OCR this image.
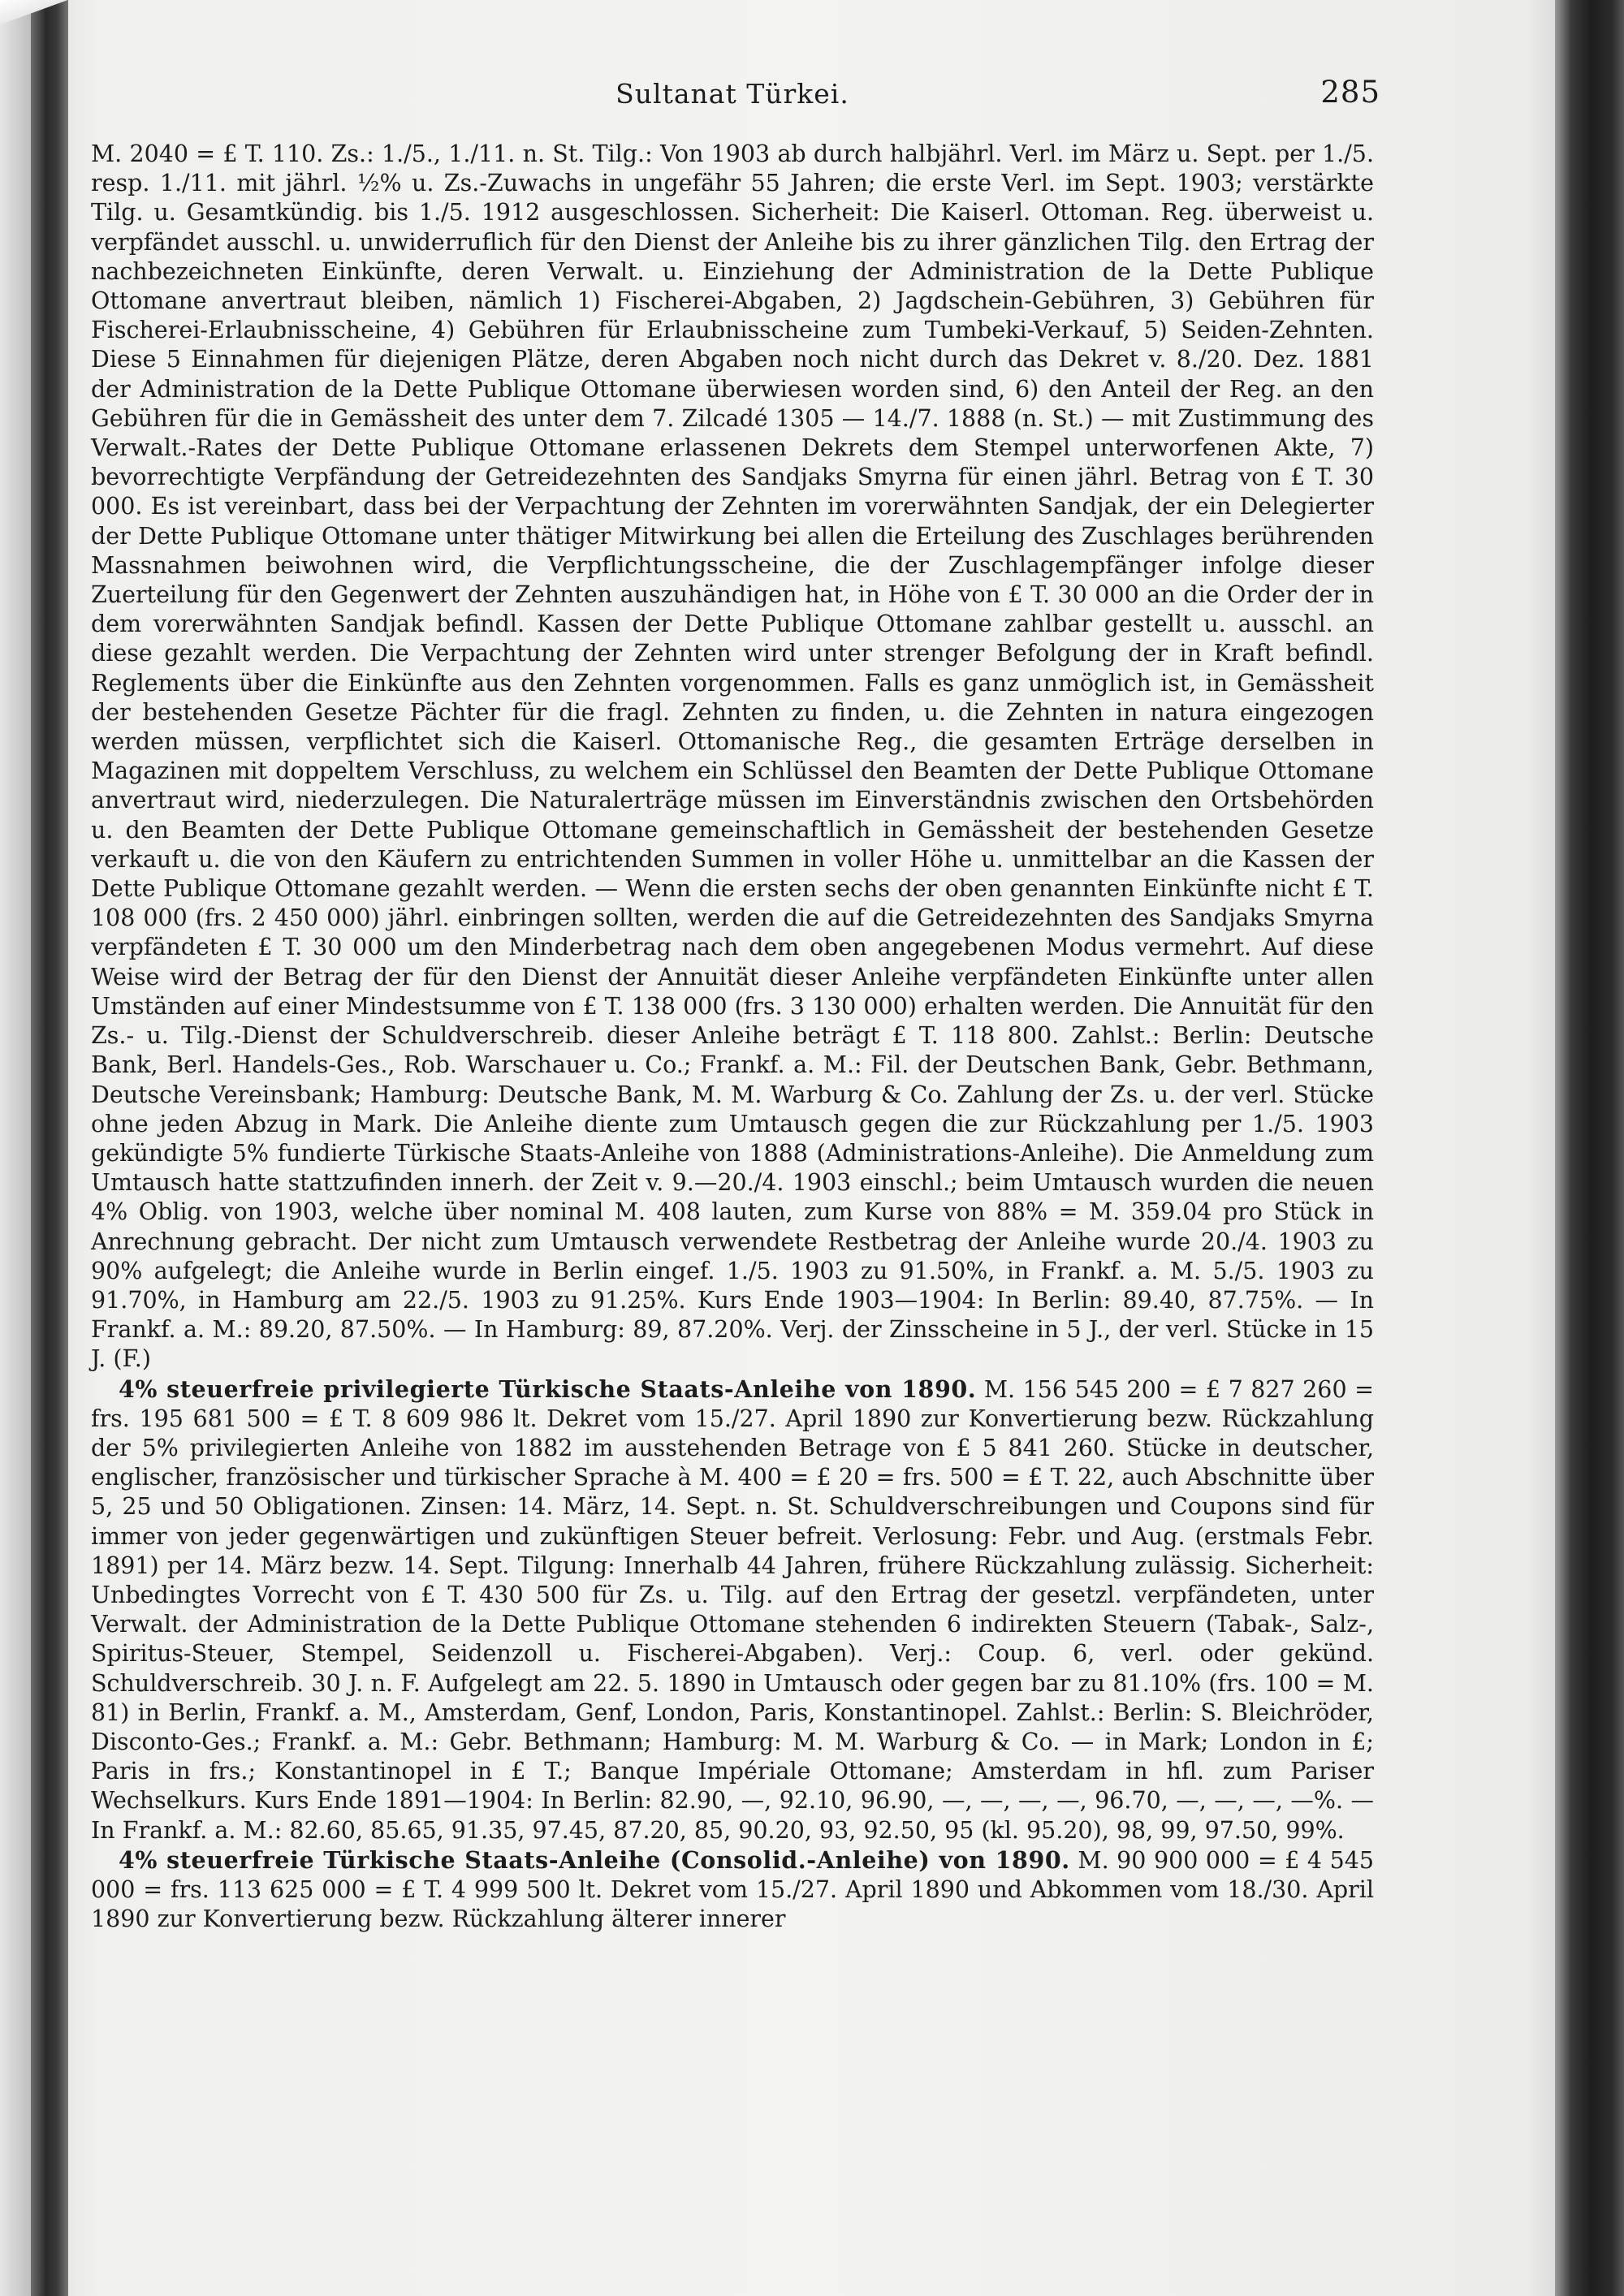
Sultanat Türkei.	285

M. 2040 = £ T. 110. Zs.: 1./5., 1./11. n. St. Tilg.: Von 1903 ab durch halbjährl. Verl. im März u. Sept. per 1./5. resp. 1./11. mit jährl. ½% u. Zs.-Zuwachs in ungefähr 55 Jahren; die erste Verl. im Sept. 1903; verstärkte Tilg. u. Gesamtkündig. bis 1./5. 1912 ausgeschlossen. Sicherheit: Die Kaiserl. Ottoman. Reg. überweist u. verpfändet ausschl. u. unwiderruflich für den Dienst der Anleihe bis zu ihrer gänzlichen Tilg. den Ertrag der nachbezeichneten Einkünfte, deren Verwalt. u. Einziehung der Administration de la Dette Publique Ottomane anvertraut bleiben, nämlich 1) Fischerei-Abgaben, 2) Jagdschein-Gebühren, 3) Gebühren für Fischerei-Erlaubnisscheine, 4) Gebühren für Erlaubnisscheine zum Tumbeki-Verkauf, 5) Seiden-Zehnten. Diese 5 Einnahmen für diejenigen Plätze, deren Abgaben noch nicht durch das Dekret v. 8./20. Dez. 1881 der Administration de la Dette Publique Ottomane überwiesen worden sind, 6) den Anteil der Reg. an den Gebühren für die in Gemässheit des unter dem 7. Zilcadé 1305 — 14./7. 1888 (n. St.) — mit Zustimmung des Verwalt.-Rates der Dette Publique Ottomane erlassenen Dekrets dem Stempel unterworfenen Akte, 7) bevorrechtigte Verpfändung der Getreidezehnten des Sandjaks Smyrna für einen jährl. Betrag von £ T. 30 000. Es ist vereinbart, dass bei der Verpachtung der Zehnten im vorerwähnten Sandjak, der ein Delegierter der Dette Publique Ottomane unter thätiger Mitwirkung bei allen die Erteilung des Zuschlages berührenden Massnahmen beiwohnen wird, die Verpflichtungsscheine, die der Zuschlagempfänger infolge dieser Zuerteilung für den Gegenwert der Zehnten auszuhändigen hat, in Höhe von £ T. 30 000 an die Order der in dem vorerwähnten Sandjak befindl. Kassen der Dette Publique Ottomane zahlbar gestellt u. ausschl. an diese gezahlt werden. Die Verpachtung der Zehnten wird unter strenger Befolgung der in Kraft befindl. Reglements über die Einkünfte aus den Zehnten vorgenommen. Falls es ganz unmöglich ist, in Gemässheit der bestehenden Gesetze Pächter für die fragl. Zehnten zu finden, u. die Zehnten in natura eingezogen werden müssen, verpflichtet sich die Kaiserl. Ottomanische Reg., die gesamten Erträge derselben in Magazinen mit doppeltem Verschluss, zu welchem ein Schlüssel den Beamten der Dette Publique Ottomane anvertraut wird, niederzulegen. Die Naturalerträge müssen im Einverständnis zwischen den Ortsbehörden u. den Beamten der Dette Publique Ottomane gemeinschaftlich in Gemässheit der bestehenden Gesetze verkauft u. die von den Käufern zu entrichtenden Summen in voller Höhe u. unmittelbar an die Kassen der Dette Publique Ottomane gezahlt werden. — Wenn die ersten sechs der oben genannten Einkünfte nicht £ T. 108 000 (frs. 2 450 000) jährl. einbringen sollten, werden die auf die Getreidezehnten des Sandjaks Smyrna verpfändeten £ T. 30 000 um den Minderbetrag nach dem oben angegebenen Modus vermehrt. Auf diese Weise wird der Betrag der für den Dienst der Annuität dieser Anleihe verpfändeten Einkünfte unter allen Umständen auf einer Mindestsumme von £ T. 138 000 (frs. 3 130 000) erhalten werden. Die Annuität für den Zs.- u. Tilg.-Dienst der Schuldverschreib. dieser Anleihe beträgt £ T. 118 800. Zahlst.: Berlin: Deutsche Bank, Berl. Handels-Ges., Rob. Warschauer u. Co.; Frankf. a. M.: Fil. der Deutschen Bank, Gebr. Bethmann, Deutsche Vereinsbank; Hamburg: Deutsche Bank, M. M. Warburg & Co. Zahlung der Zs. u. der verl. Stücke ohne jeden Abzug in Mark. Die Anleihe diente zum Umtausch gegen die zur Rückzahlung per 1./5. 1903 gekündigte 5% fundierte Türkische Staats-Anleihe von 1888 (Administrations-Anleihe). Die Anmeldung zum Umtausch hatte stattzufinden innerh. der Zeit v. 9.—20./4. 1903 einschl.; beim Umtausch wurden die neuen 4% Oblig. von 1903, welche über nominal M. 408 lauten, zum Kurse von 88% = M. 359.04 pro Stück in Anrechnung gebracht. Der nicht zum Umtausch verwendete Restbetrag der Anleihe wurde 20./4. 1903 zu 90% aufgelegt; die Anleihe wurde in Berlin eingef. 1./5. 1903 zu 91.50%, in Frankf. a. M. 5./5. 1903 zu 91.70%, in Hamburg am 22./5. 1903 zu 91.25%. Kurs Ende 1903—1904: In Berlin: 89.40, 87.75%. — In Frankf. a. M.: 89.20, 87.50%. — In Hamburg: 89, 87.20%. Verj. der Zinsscheine in 5 J., der verl. Stücke in 15 J. (F.)

4% steuerfreie privilegierte Türkische Staats-Anleihe von 1890. M. 156 545 200 = £ 7 827 260 = frs. 195 681 500 = £ T. 8 609 986 lt. Dekret vom 15./27. April 1890 zur Konvertierung bezw. Rückzahlung der 5% privilegierten Anleihe von 1882 im ausstehenden Betrage von £ 5 841 260. Stücke in deutscher, englischer, französischer und türkischer Sprache à M. 400 = £ 20 = frs. 500 = £ T. 22, auch Abschnitte über 5, 25 und 50 Obligationen. Zinsen: 14. März, 14. Sept. n. St. Schuldverschreibungen und Coupons sind für immer von jeder gegenwärtigen und zukünftigen Steuer befreit. Verlosung: Febr. und Aug. (erstmals Febr. 1891) per 14. März bezw. 14. Sept. Tilgung: Innerhalb 44 Jahren, frühere Rückzahlung zulässig. Sicherheit: Unbedingtes Vorrecht von £ T. 430 500 für Zs. u. Tilg. auf den Ertrag der gesetzl. verpfändeten, unter Verwalt. der Administration de la Dette Publique Ottomane stehenden 6 indirekten Steuern (Tabak-, Salz-, Spiritus-Steuer, Stempel, Seidenzoll u. Fischerei-Abgaben). Verj.: Coup. 6, verl. oder gekünd. Schuldverschreib. 30 J. n. F. Aufgelegt am 22. 5. 1890 in Umtausch oder gegen bar zu 81.10% (frs. 100 = M. 81) in Berlin, Frankf. a. M., Amsterdam, Genf, London, Paris, Konstantinopel. Zahlst.: Berlin: S. Bleichröder, Disconto-Ges.; Frankf. a. M.: Gebr. Bethmann; Hamburg: M. M. Warburg & Co. — in Mark; London in £; Paris in frs.; Konstantinopel in £ T.; Banque Impériale Ottomane; Amsterdam in hfl. zum Pariser Wechselkurs. Kurs Ende 1891—1904: In Berlin: 82.90, —, 92.10, 96.90, —, —, —, —, 96.70, —, —, —, —%. — In Frankf. a. M.: 82.60, 85.65, 91.35, 97.45, 87.20, 85, 90.20, 93, 92.50, 95 (kl. 95.20), 98, 99, 97.50, 99%.

4% steuerfreie Türkische Staats-Anleihe (Consolid.-Anleihe) von 1890. M. 90 900 000 = £ 4 545 000 = frs. 113 625 000 = £ T. 4 999 500 lt. Dekret vom 15./27. April 1890 und Abkommen vom 18./30. April 1890 zur Konvertierung bezw. Rückzahlung älterer innerer
